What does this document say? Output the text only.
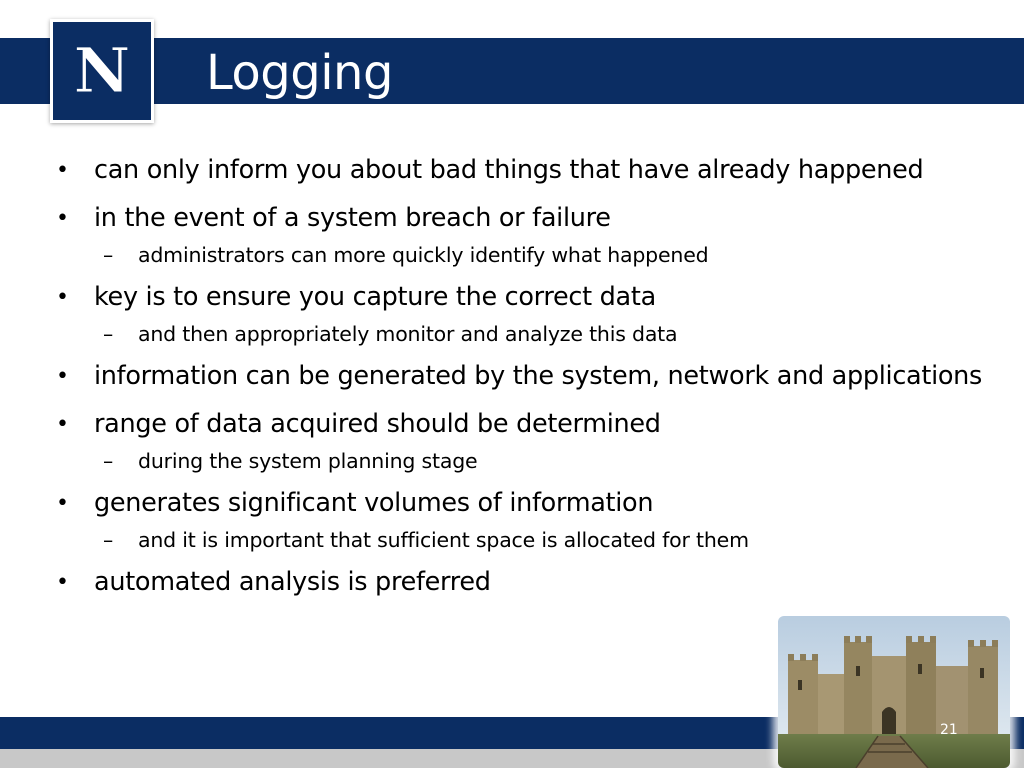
N Logging
• can only inform you about bad things that have already happened
• in the event of a system breach or failure
– administrators can more quickly identify what happened
• key is to ensure you capture the correct data
– and then appropriately monitor and analyze this data
• information can be generated by the system, network and applications
• range of data acquired should be determined
– during the system planning stage
• generates significant volumes of information
– and it is important that sufficient space is allocated for them
• automated analysis is preferred
21
